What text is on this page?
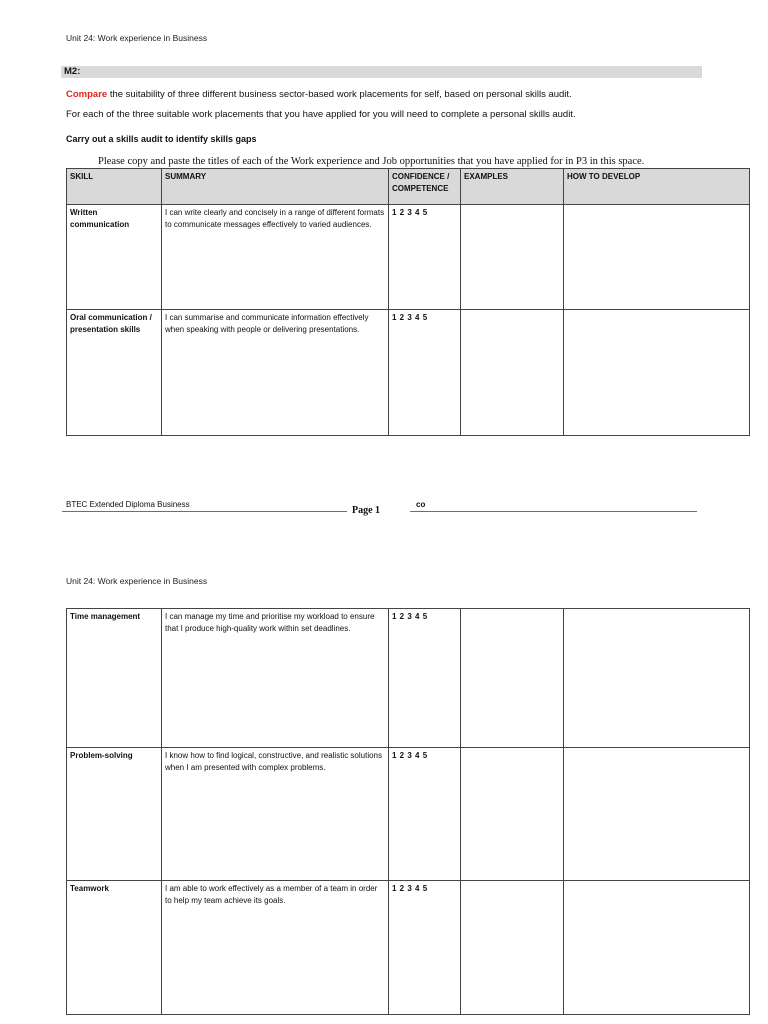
Unit 24: Work experience in Business
M2:
Compare the suitability of three different business sector-based work placements for self, based on personal skills audit.
For each of the three suitable work placements that you have applied for you will need to complete a personal skills audit.
Carry out a skills audit to identify skills gaps
Please copy and paste the titles of each of the Work experience and Job opportunities that you have applied for in P3 in this space.
SKILL	SUMMARY	CONFIDENCE / COMPETENCE	EXAMPLES	HOW TO DEVELOP
Written communication	I can write clearly and concisely in a range of different formats to communicate messages effectively to varied audiences.	1 2 3 4 5		
Oral communication / presentation skills	I can summarise and communicate information effectively when speaking with people or delivering presentations.	1 2 3 4 5		
BTEC Extended Diploma Business
Page 1
co
Unit 24: Work experience in Business
Time management	I can manage my time and prioritise my workload to ensure that I produce high-quality work within set deadlines.	1 2 3 4 5		
Problem-solving	I know how to find logical, constructive, and realistic solutions when I am presented with complex problems.	1 2 3 4 5		
Teamwork	I am able to work effectively as a member of a team in order to help my team achieve its goals.	1 2 3 4 5		
